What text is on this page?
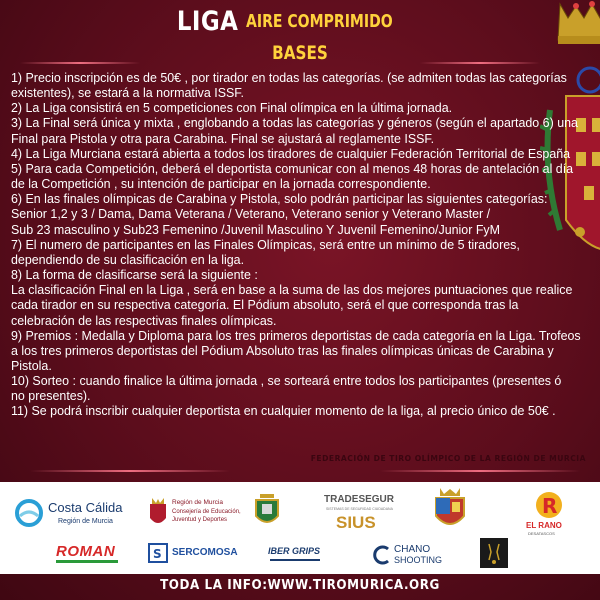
LIGA AIRE COMPRIMIDO
BASES
1) Precio inscripción es de 50€ , por tirador en todas las categorías. (se admiten todas las categorías
existentes), se estará a la normativa ISSF.
2) La Liga consistirá en 5 competiciones con Final olímpica en la última jornada.
3) La Final será única y mixta , englobando a todas las categorías y géneros (según el apartado 6) una
Final para Pistola y otra para Carabina. Final se ajustará al reglamente ISSF.
4) La Liga Murciana estará abierta a todos los tiradores de cualquier Federación Territorial de España
5) Para cada Competición, deberá el deportista comunicar con al menos 48 horas de antelación al día
de la Competición , su intención de participar en la jornada correspondiente.
6) En las finales olímpicas de Carabina y Pistola, solo podrán participar las siguientes categorías:
Senior 1,2 y 3 / Dama, Dama Veterana / Veterano, Veterano senior y Veterano Master /
Sub 23 masculino y Sub23 Femenino /Juvenil Masculino Y Juvenil Femenino/Junior FyM
7) El numero de participantes en las Finales Olímpicas, será entre un mínimo de 5 tiradores,
dependiendo de su clasificación en la liga.
8) La forma de clasificarse será la siguiente :
La clasificación Final en la Liga , será en base a la suma de las dos mejores puntuaciones que realice
cada tirador en su respectiva categoría. El Pódium absoluto, será el que corresponda tras la
celebración de las respectivas finales olímpicas.
9) Premios : Medalla y Diploma para los tres primeros deportistas de cada categoría en la Liga. Trofeos
a los tres primeros deportistas del Pódium Absoluto tras las finales olímpicas únicas de Carabina y
Pistola.
10) Sorteo : cuando finalice la última jornada , se sorteará entre todos los participantes (presentes ó
no presentes).
11) Se podrá inscribir cualquier deportista en cualquier momento de la liga, al precio único de 50€ .
FEDERACIÓN DE TIRO OLÍMPICO DE LA REGIÓN DE MURCIA
Costa Cálida
Región de Murcia
Región de Murcia
Consejería de Educación,
Juventud y Deportes
TRADESEGUR
SISTEMAS DE SEGURIDAD CIUDADANA
SIUS
R
EL RANO
DESATASCOS
ROMAN	S SERCOMOSA	IBER GRIPS	CHANO
SHOOTING
TODA LA INFO:WWW.TIROMURICA.ORG
